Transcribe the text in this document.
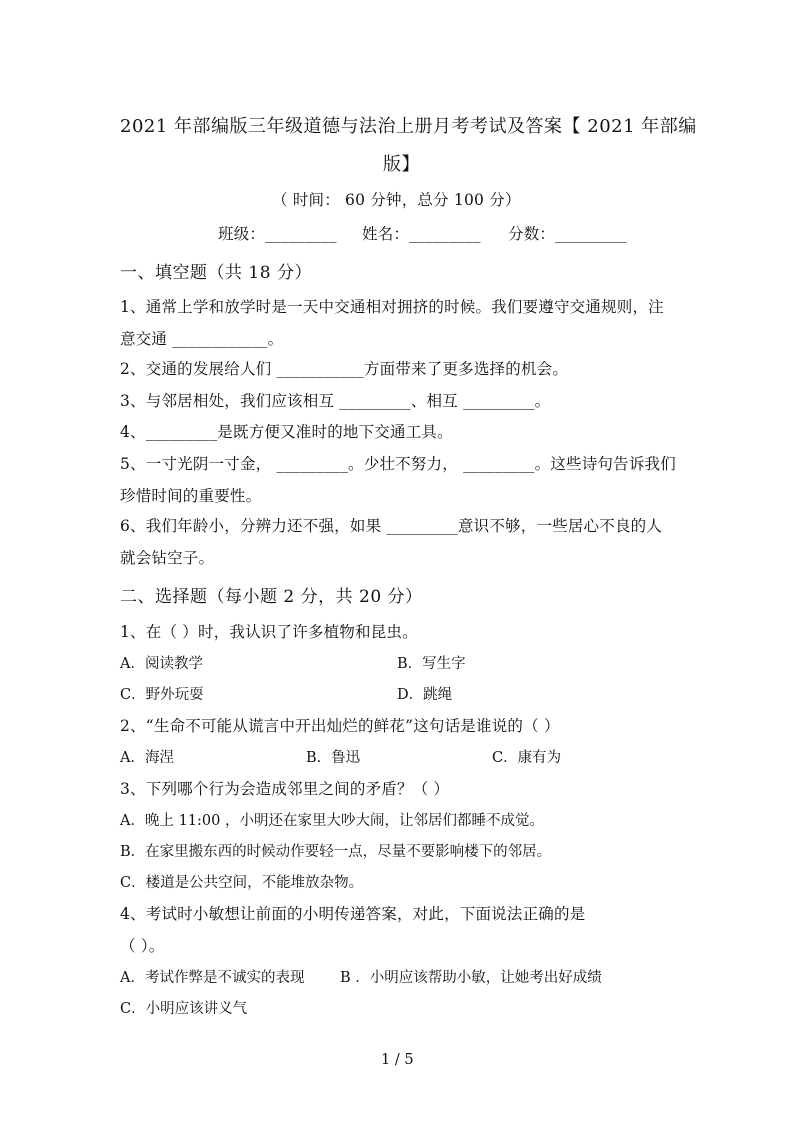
2021 年部编版三年级道德与法治上册月考考试及答案【 2021 年部编
版】
（ 时间： 60 分钟，总分 100 分）
班级：_________ 姓名：_________ 分数：_________
一、填空题（共 18 分）
1、通常上学和放学时是一天中交通相对拥挤的时候。我们要遵守交通规则，注
意交通 ____________。
2、交通的发展给人们 ___________方面带来了更多选择的机会。
3、与邻居相处，我们应该相互 _________、相互 _________。
4、_________是既方便又准时的地下交通工具。
5、一寸光阴一寸金， _________。少壮不努力， _________。这些诗句告诉我们
珍惜时间的重要性。
6、我们年龄小，分辨力还不强，如果 _________意识不够，一些居心不良的人
就会钻空子。
二、选择题（每小题 2 分，共 20 分）
1、在（ ）时，我认识了许多植物和昆虫。
A．阅读教学	B．写生字
C．野外玩耍	D．跳绳
2、“生命不可能从谎言中开出灿烂的鲜花”这句话是谁说的（ ）
A．海涅	B．鲁迅	C．康有为
3、下列哪个行为会造成邻里之间的矛盾？（ ）
A．晚上 11:00 ，小明还在家里大吵大闹，让邻居们都睡不成觉。
B．在家里搬东西的时候动作要轻一点，尽量不要影响楼下的邻居。
C．楼道是公共空间，不能堆放杂物。
4、考试时小敏想让前面的小明传递答案，对此，下面说法正确的是
（ ）。
A．考试作弊是不诚实的表现 B ．小明应该帮助小敏，让她考出好成绩
C．小明应该讲义气
1 / 5
